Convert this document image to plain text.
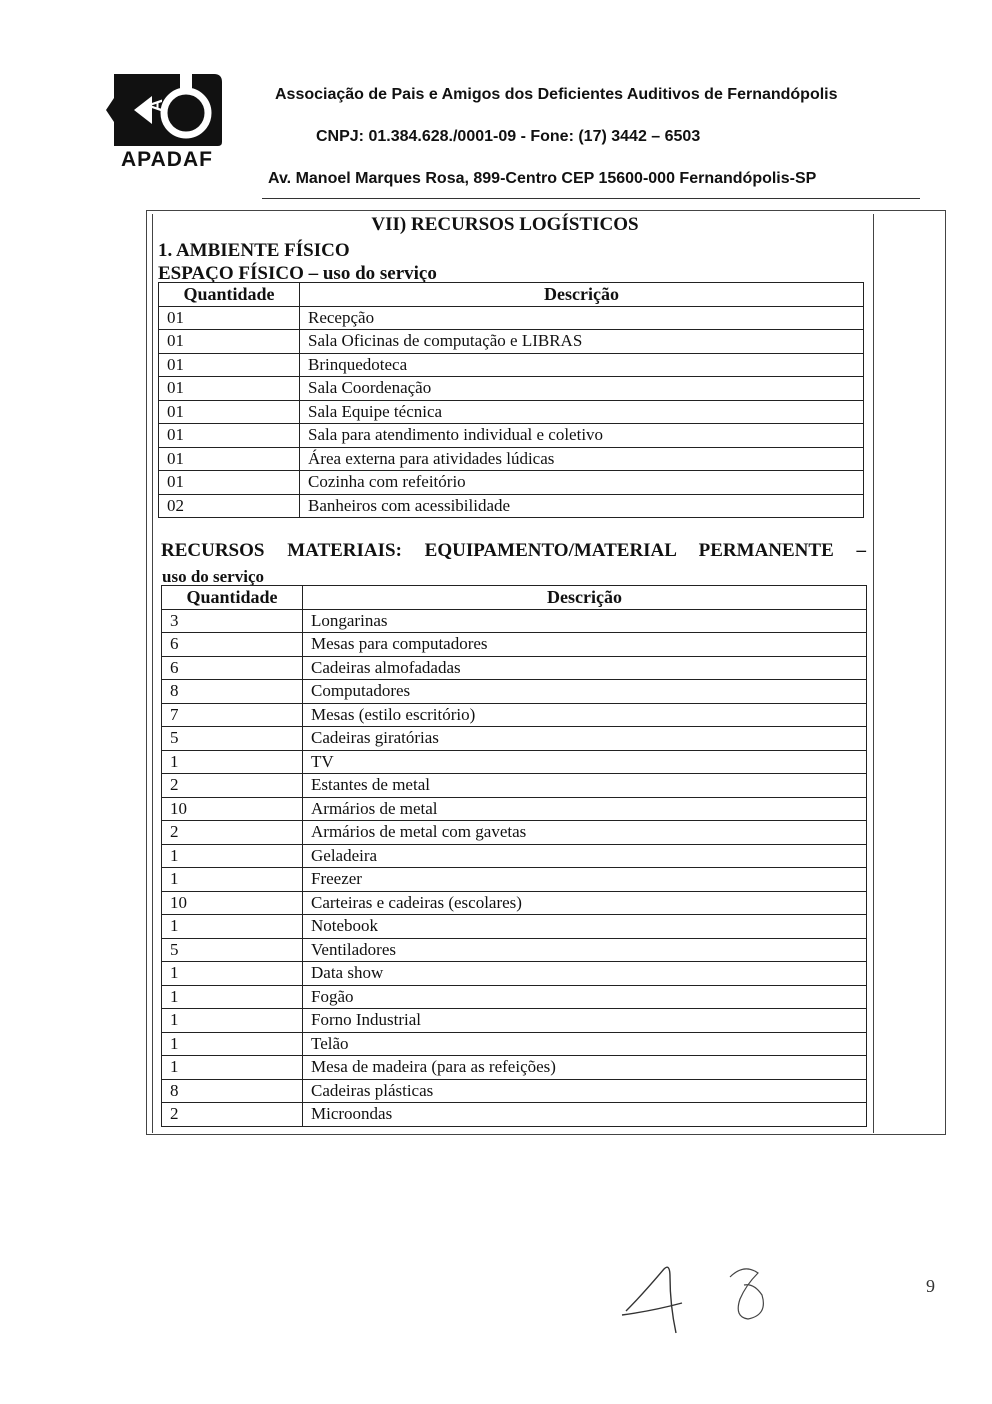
A
APADAF
Associação de Pais e Amigos dos Deficientes Auditivos de Fernandópolis
CNPJ: 01.384.628./0001-09 - Fone: (17) 3442 – 6503
Av. Manoel Marques Rosa, 899-Centro CEP 15600-000 Fernandópolis-SP
VII) RECURSOS LOGÍSTICOS
1. AMBIENTE FÍSICO
ESPAÇO FÍSICO – uso do serviço
Quantidade	Descrição
01	Recepção
01	Sala Oficinas de computação e LIBRAS
01	Brinquedoteca
01	Sala Coordenação
01	Sala Equipe técnica
01	Sala para atendimento individual e coletivo
01	Área externa para atividades lúdicas
01	Cozinha com refeitório
02	Banheiros com acessibilidade
RECURSOS MATERIAIS: EQUIPAMENTO/MATERIAL PERMANENTE –
uso do serviço
Quantidade	Descrição
3	Longarinas
6	Mesas para computadores
6	Cadeiras almofadadas
8	Computadores
7	Mesas (estilo escritório)
5	Cadeiras giratórias
1	TV
2	Estantes de metal
10	Armários de metal
2	Armários de metal com gavetas
1	Geladeira
1	Freezer
10	Carteiras e cadeiras (escolares)
1	Notebook
5	Ventiladores
1	Data show
1	Fogão
1	Forno Industrial
1	Telão
1	Mesa de madeira (para as refeições)
8	Cadeiras plásticas
2	Microondas
9
